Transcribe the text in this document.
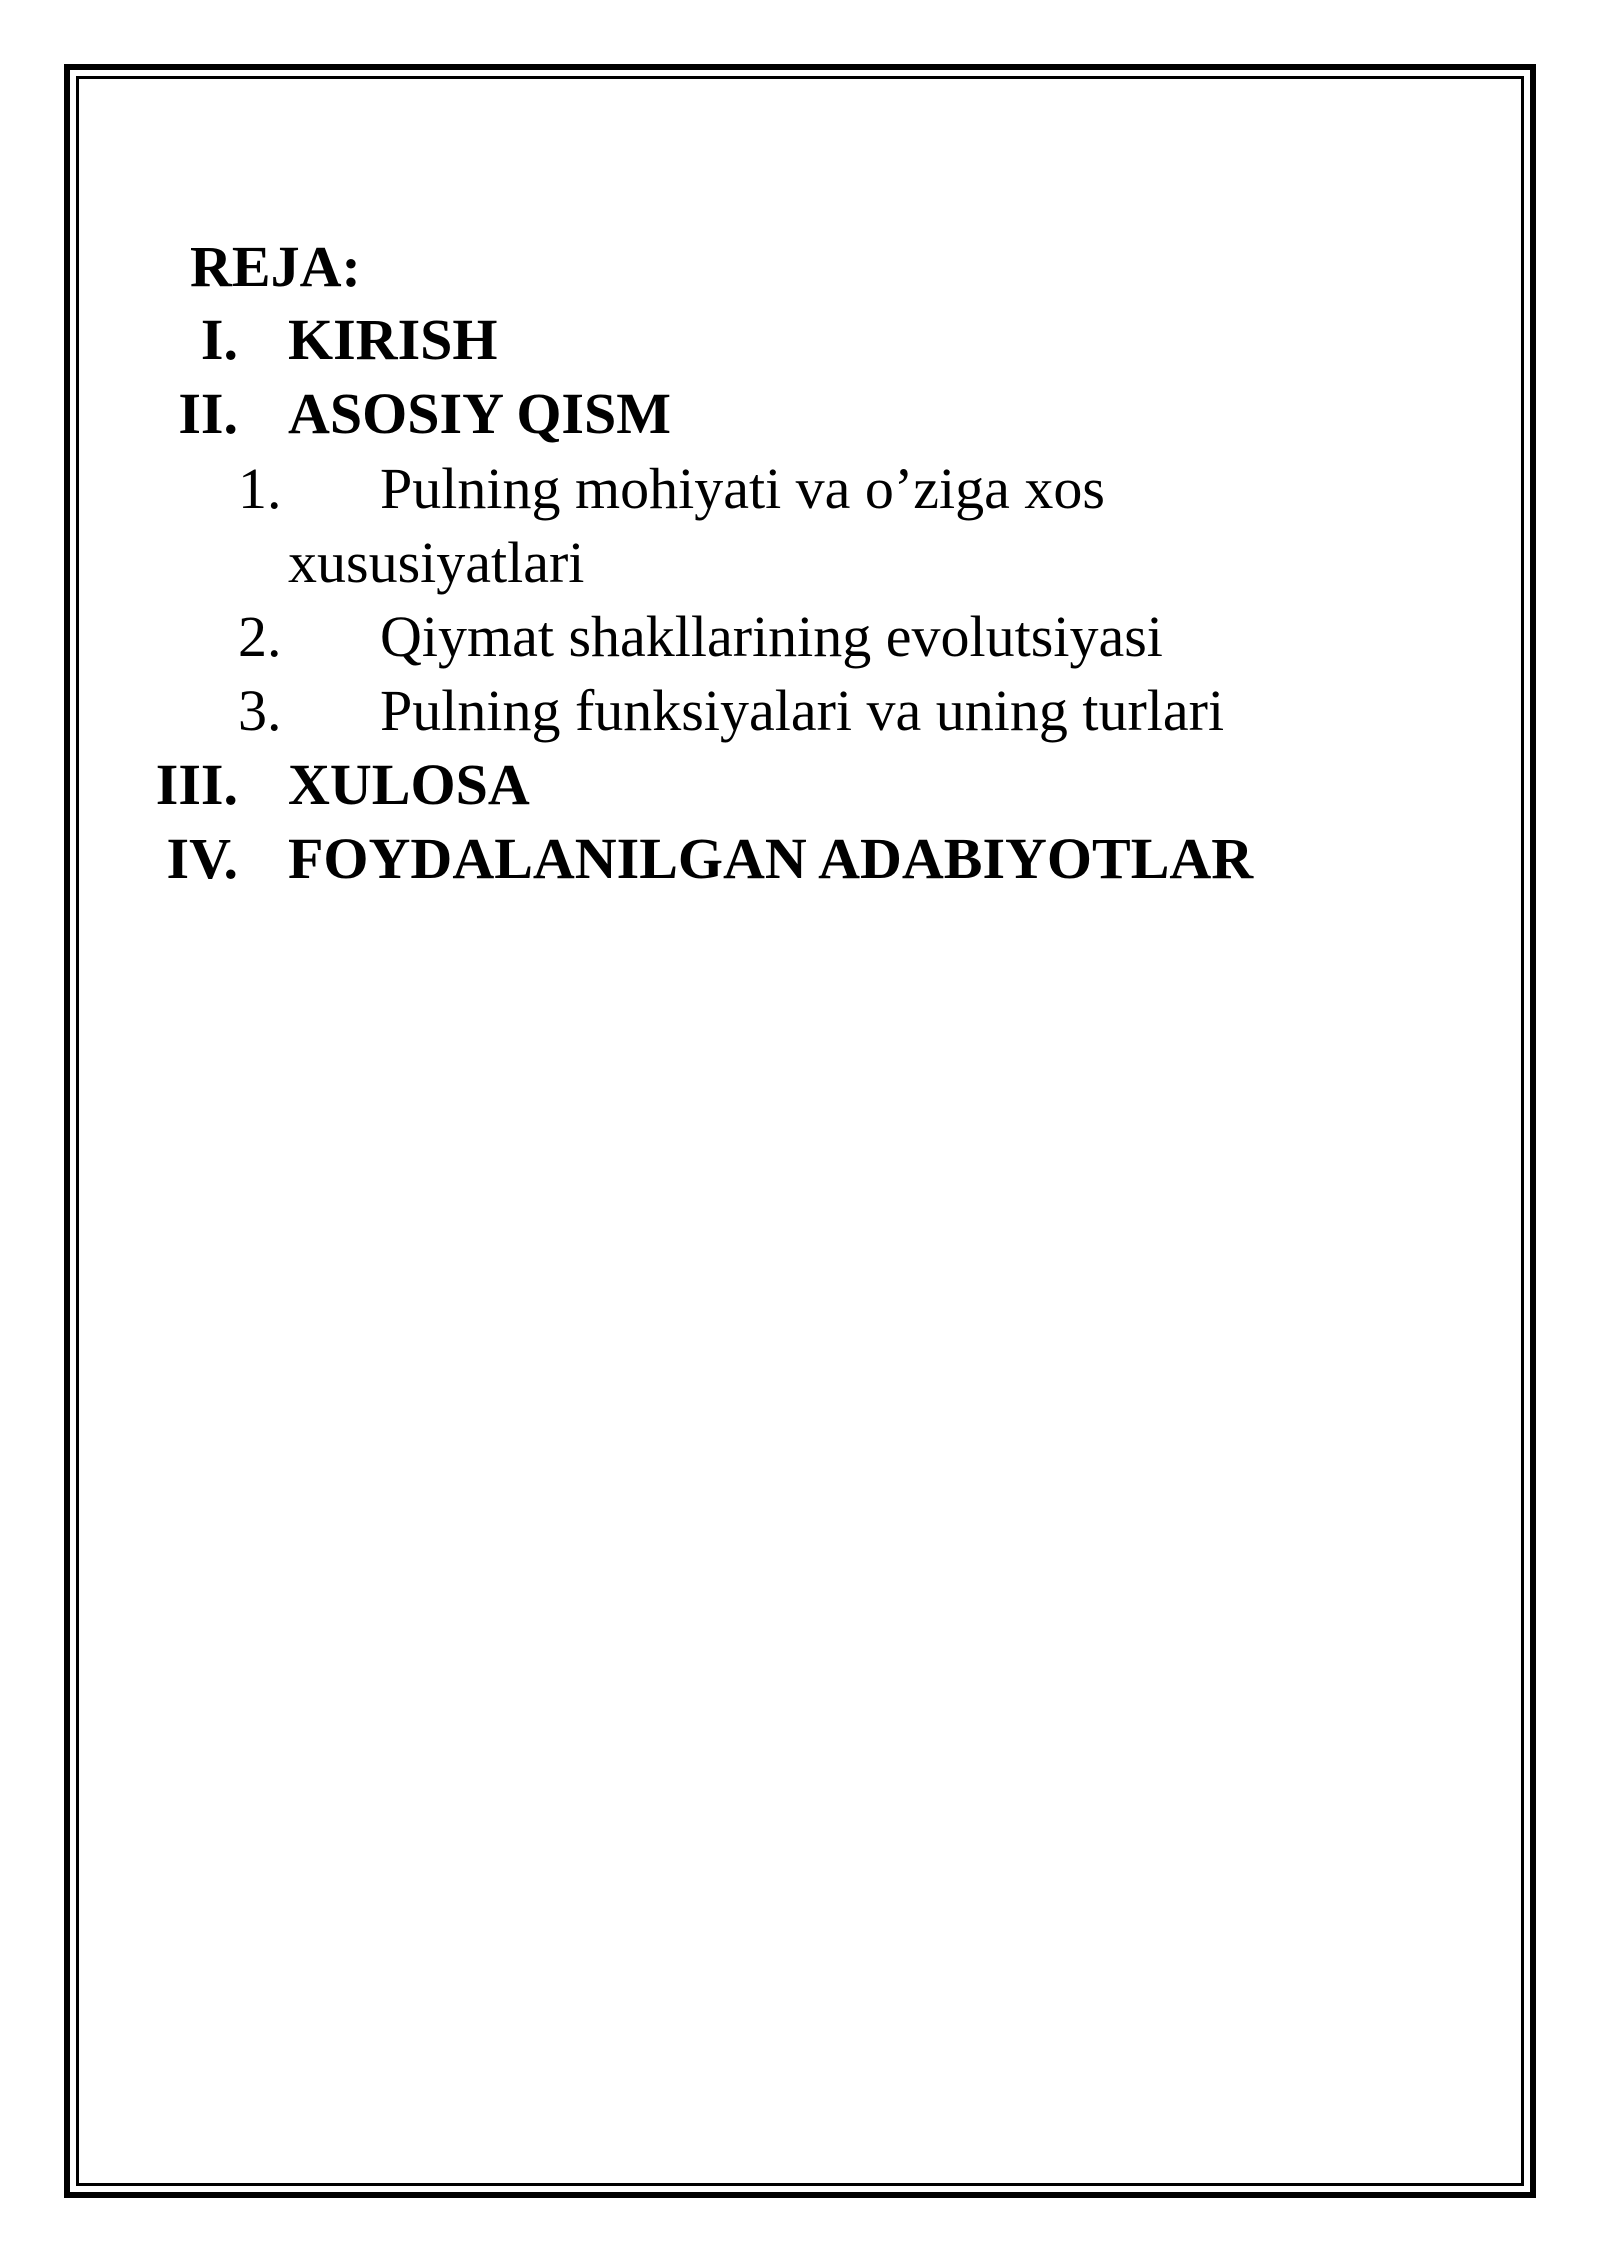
REJA:
I. KIRISH
II. ASOSIY QISM
1. Pulning mohiyati va o’ziga xos
xususiyatlari
2. Qiymat shakllarining evolutsiyasi
3. Pulning funksiyalari va uning turlari
III. XULOSA
IV. FOYDALANILGAN ADABIYOTLAR
